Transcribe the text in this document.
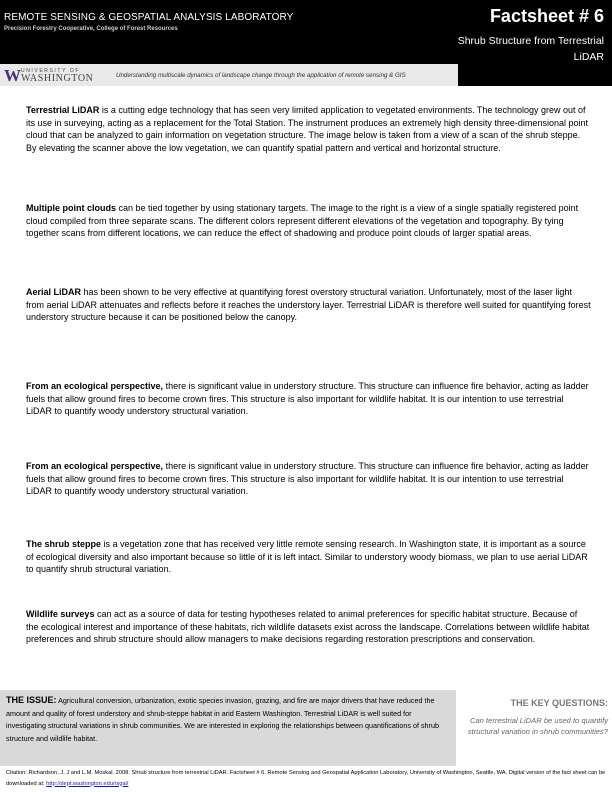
REMOTE SENSING & GEOSPATIAL ANALYSIS LABORATORY
Precision Forestry Cooperative, College of Forest Resources
Factsheet # 6
Shrub Structure from Terrestrial LiDAR
W UNIVERSITY OF
WASHINGTON	Understanding multiscale dynamics of landscape change through the application of remote sensing & GIS

Terrestrial LiDAR is a cutting edge technology that has seen very limited application to vegetated environments. The technology grew out of its use in surveying, acting as a replacement for the Total Station. The instrument produces an extremely high density three-dimensional point cloud that can be analyzed to gain information on vegetation structure. The image below is taken from a view of a scan of the shrub steppe. By elevating the scanner above the low vegetation, we can quantify spatial pattern and vertical and horizontal structure.

Multiple point clouds can be tied together by using stationary targets. The image to the right is a view of a single spatially registered point cloud compiled from three separate scans. The different colors represent different elevations of the vegetation and topography. By tying together scans from different locations, we can reduce the effect of shadowing and produce point clouds of larger spatial areas.

Aerial LiDAR has been shown to be very effective at quantifying forest overstory structural variation. Unfortunately, most of the laser light from aerial LiDAR attenuates and reflects before it reaches the understory layer. Terrestrial LiDAR is therefore well suited for quantifying forest understory structure because it can be positioned below the canopy.

From an ecological perspective, there is significant value in understory structure. This structure can influence fire behavior, acting as ladder fuels that allow ground fires to become crown fires. This structure is also important for wildlife habitat. It is our intention to use terrestrial LiDAR to quantify woody understory structural variation.

From an ecological perspective, there is significant value in understory structure. This structure can influence fire behavior, acting as ladder fuels that allow ground fires to become crown fires. This structure is also important for wildlife habitat. It is our intention to use terrestrial LiDAR to quantify woody understory structural variation.

The shrub steppe is a vegetation zone that has received very little remote sensing research. In Washington state, it is important as a source of ecological diversity and also important because so little of it is left intact. Similar to understory woody biomass, we plan to use aerial LiDAR to quantify shrub structural variation.

Wildlife surveys can act as a source of data for testing hypotheses related to animal preferences for specific habitat structure. Because of the ecological interest and importance of these habitats, rich wildlife datasets exist across the landscape. Correlations between wildlife habitat preferences and shrub structure should allow managers to make decisions regarding restoration prescriptions and conservation.

THE ISSUE: Agricultural conversion, urbanization, exotic species invasion, grazing, and fire are major drivers that have reduced the amount and quality of forest understory and shrub-steppe habitat in arid Eastern Washington. Terrestrial LiDAR is well suited for investigating structural variations in shrub communities. We are interested in exploring the relationships between quantifications of shrub structure and wildlife habitat.
THE KEY QUESTIONS:
Can terrestrial LiDAR be used to quantify structural variation in shrub communities?
Citation: Richardson, J. J and L.M. Moskal. 2008. Shrub structure from terrestrial LiDAR. Factsheet # 6. Remote Sensing and Geospatial Application Laboratory, University of Washington, Seattle, WA. Digital version of the fact sheet can be downloaded at: http://dept.washington.edu/rsgal/
